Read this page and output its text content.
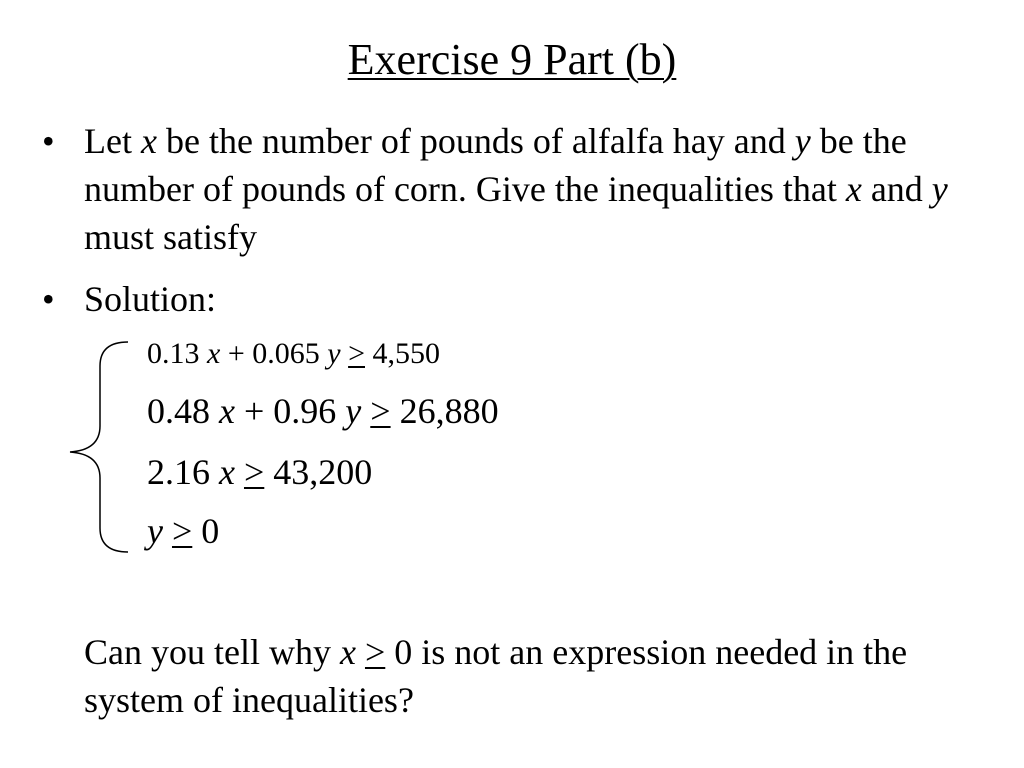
Exercise 9 Part (b)
• Let x be the number of pounds of alfalfa hay and y be the number of pounds of corn. Give the inequalities that x and y must satisfy
• Solution:
0.13 x + 0.065 y > 4,550
0.48 x + 0.96 y > 26,880
2.16 x > 43,200
y > 0
Can you tell why x > 0 is not an expression needed in the system of inequalities?
